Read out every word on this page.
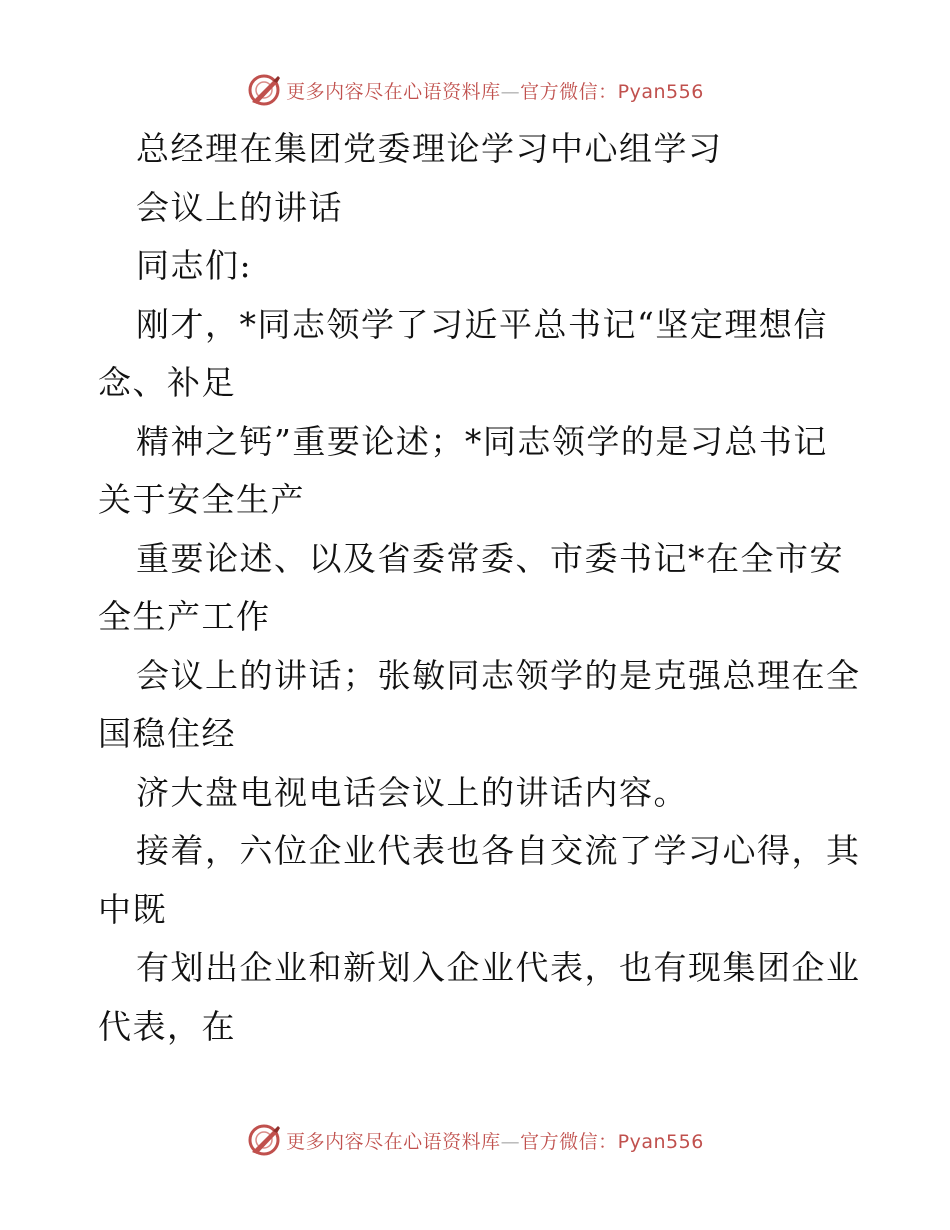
更多内容尽在心语资料库—官方微信：Pyan556
总经理在集团党委理论学习中心组学习
会议上的讲话
同志们:
刚才，*同志领学了习近平总书记“坚定理想信
念、补足
精神之钙”重要论述；*同志领学的是习总书记
关于安全生产
重要论述、以及省委常委、市委书记*在全市安
全生产工作
会议上的讲话；张敏同志领学的是克强总理在全
国稳住经
济大盘电视电话会议上的讲话内容。
接着，六位企业代表也各自交流了学习心得，其
中既
有划出企业和新划入企业代表，也有现集团企业
代表，在
更多内容尽在心语资料库—官方微信：Pyan556
